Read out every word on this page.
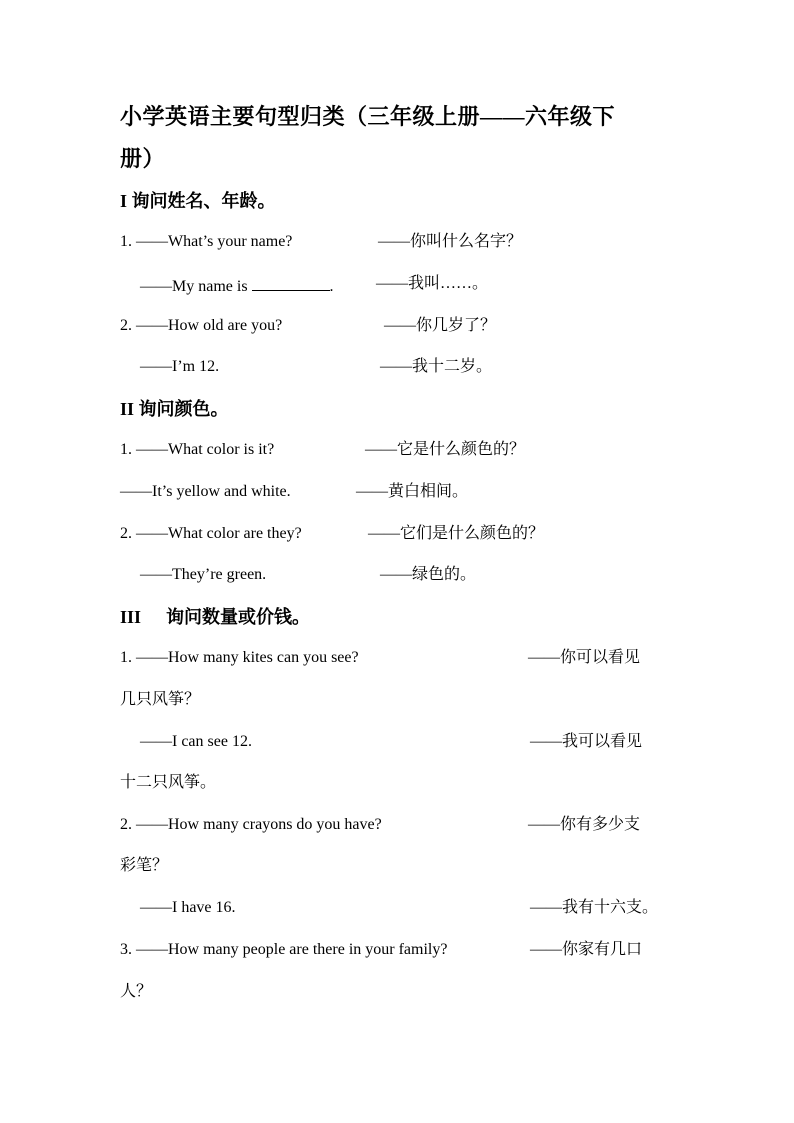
小学英语主要句型归类（三年级上册——六年级下
册）
I 询问姓名、年龄。
1. ——What’s your name?	——你叫什么名字？
——My name is	.	——我叫……。
2. ——How old are you?	——你几岁了？
——I’m 12.	——我十二岁。
II 询问颜色。
1. ——What color is it?	——它是什么颜色的？
——It’s yellow and white.	——黄白相间。
2. ——What color are they?	——它们是什么颜色的？
——They’re green.	——绿色的。
III 询问数量或价钱。
1. ——How many kites can you see?	——你可以看见
几只风筝？
——I can see 12.	——我可以看见
十二只风筝。
2. ——How many crayons do you have?	——你有多少支
彩笔？
——I have 16.	——我有十六支。
3. ——How many people are there in your family?	——你家有几口
人？
